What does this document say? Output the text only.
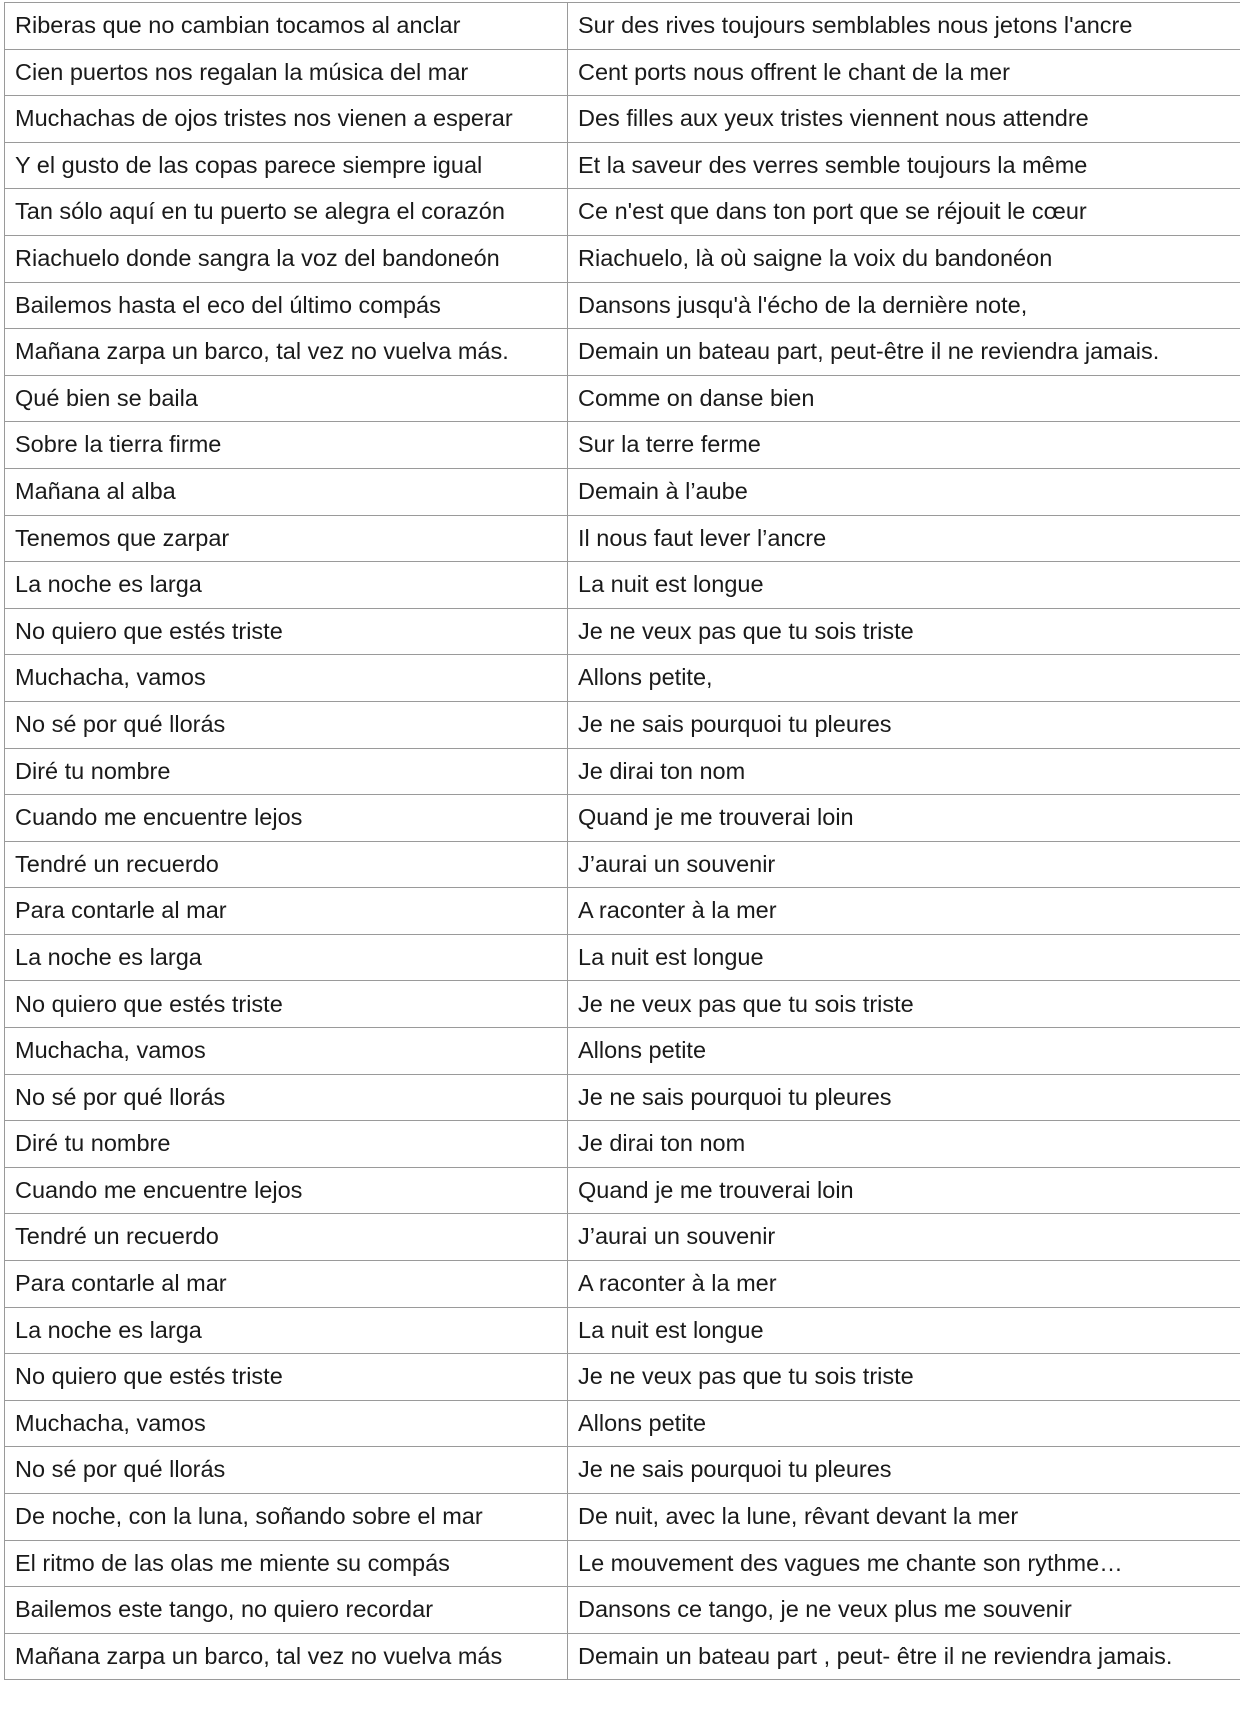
Riberas que no cambian tocamos al anclar	Sur des rives toujours semblables nous jetons l'ancre
Cien puertos nos regalan la música del mar	Cent ports nous offrent le chant de la mer
Muchachas de ojos tristes nos vienen a esperar	Des filles aux yeux tristes viennent nous attendre
Y el gusto de las copas parece siempre igual	Et la saveur des verres semble toujours la même
Tan sólo aquí en tu puerto se alegra el corazón	Ce n'est que dans ton port que se réjouit le cœur
Riachuelo donde sangra la voz del bandoneón	Riachuelo, là où saigne la voix du bandonéon
Bailemos hasta el eco del último compás	Dansons jusqu'à l'écho de la dernière note,
Mañana zarpa un barco, tal vez no vuelva más.	Demain un bateau part, peut-être il ne reviendra jamais.
Qué bien se baila	Comme on danse bien
Sobre la tierra firme	Sur la terre ferme
Mañana al alba	Demain à l’aube
Tenemos que zarpar	Il nous faut lever l’ancre
La noche es larga	La nuit est longue
No quiero que estés triste	Je ne veux pas que tu sois triste
Muchacha, vamos	Allons petite,
No sé por qué llorás	Je ne sais pourquoi tu pleures
Diré tu nombre	Je dirai ton nom
Cuando me encuentre lejos	Quand je me trouverai loin
Tendré un recuerdo	J’aurai un souvenir
Para contarle al mar	A raconter à la mer
La noche es larga	La nuit est longue
No quiero que estés triste	Je ne veux pas que tu sois triste
Muchacha, vamos	Allons petite
No sé por qué llorás	Je ne sais pourquoi tu pleures
Diré tu nombre	Je dirai ton nom
Cuando me encuentre lejos	Quand je me trouverai loin
Tendré un recuerdo	J’aurai un souvenir
Para contarle al mar	A raconter à la mer
La noche es larga	La nuit est longue
No quiero que estés triste	Je ne veux pas que tu sois triste
Muchacha, vamos	Allons petite
No sé por qué llorás	Je ne sais pourquoi tu pleures
De noche, con la luna, soñando sobre el mar	De nuit, avec la lune, rêvant devant la mer
El ritmo de las olas me miente su compás	Le mouvement des vagues me chante son rythme…
Bailemos este tango, no quiero recordar	Dansons ce tango, je ne veux plus me souvenir
Mañana zarpa un barco, tal vez no vuelva más	Demain un bateau part , peut- être il ne reviendra jamais.
